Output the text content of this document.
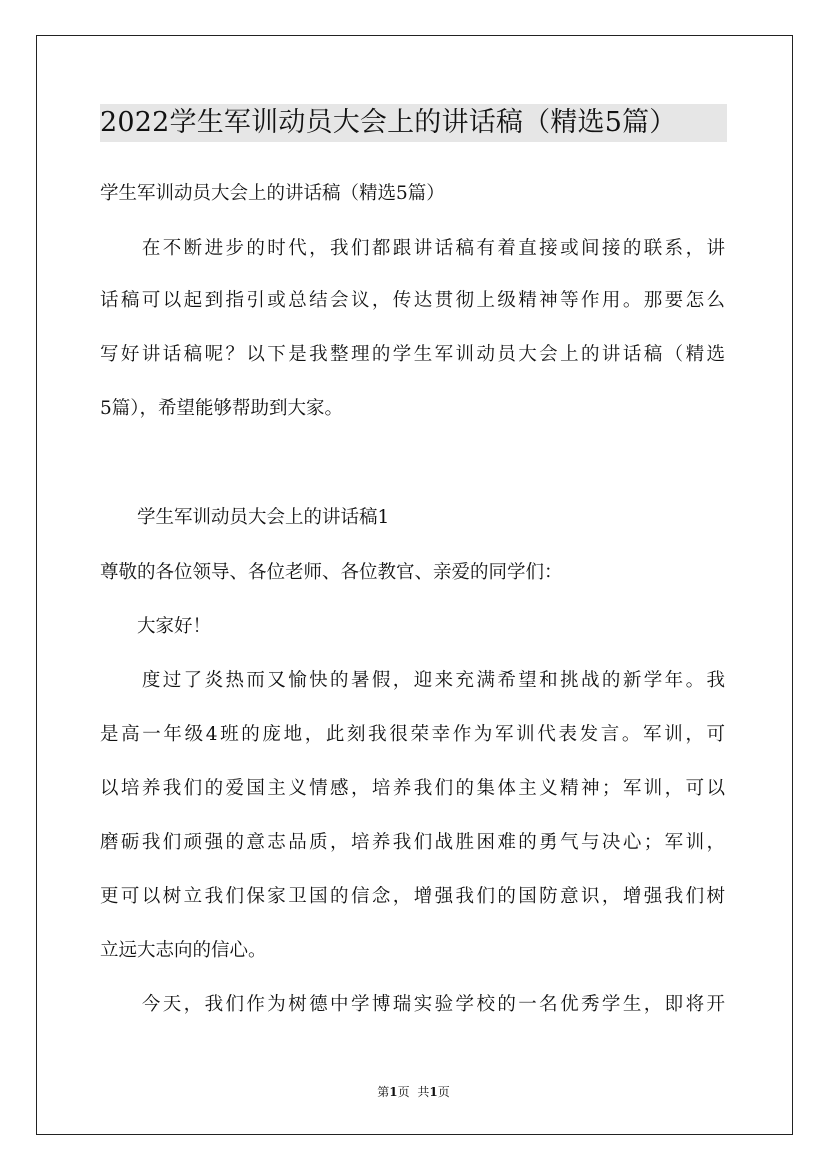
2022学生军训动员大会上的讲话稿（精选5篇）
学生军训动员大会上的讲话稿（精选5篇）
　　在不断进步的时代，我们都跟讲话稿有着直接或间接的联系，讲
话稿可以起到指引或总结会议，传达贯彻上级精神等作用。那要怎么
写好讲话稿呢？以下是我整理的学生军训动员大会上的讲话稿（精选
5篇），希望能够帮助到大家。
　　学生军训动员大会上的讲话稿1
尊敬的各位领导、各位老师、各位教官、亲爱的同学们：
　　大家好！
　　度过了炎热而又愉快的暑假，迎来充满希望和挑战的新学年。我
是高一年级4班的庞地，此刻我很荣幸作为军训代表发言。军训，可
以培养我们的爱国主义情感，培养我们的集体主义精神；军训，可以
磨砺我们顽强的意志品质，培养我们战胜困难的勇气与决心；军训，
更可以树立我们保家卫国的信念，增强我们的国防意识，增强我们树
立远大志向的信心。
　　今天，我们作为树德中学博瑞实验学校的一名优秀学生，即将开
第1页 共1页
